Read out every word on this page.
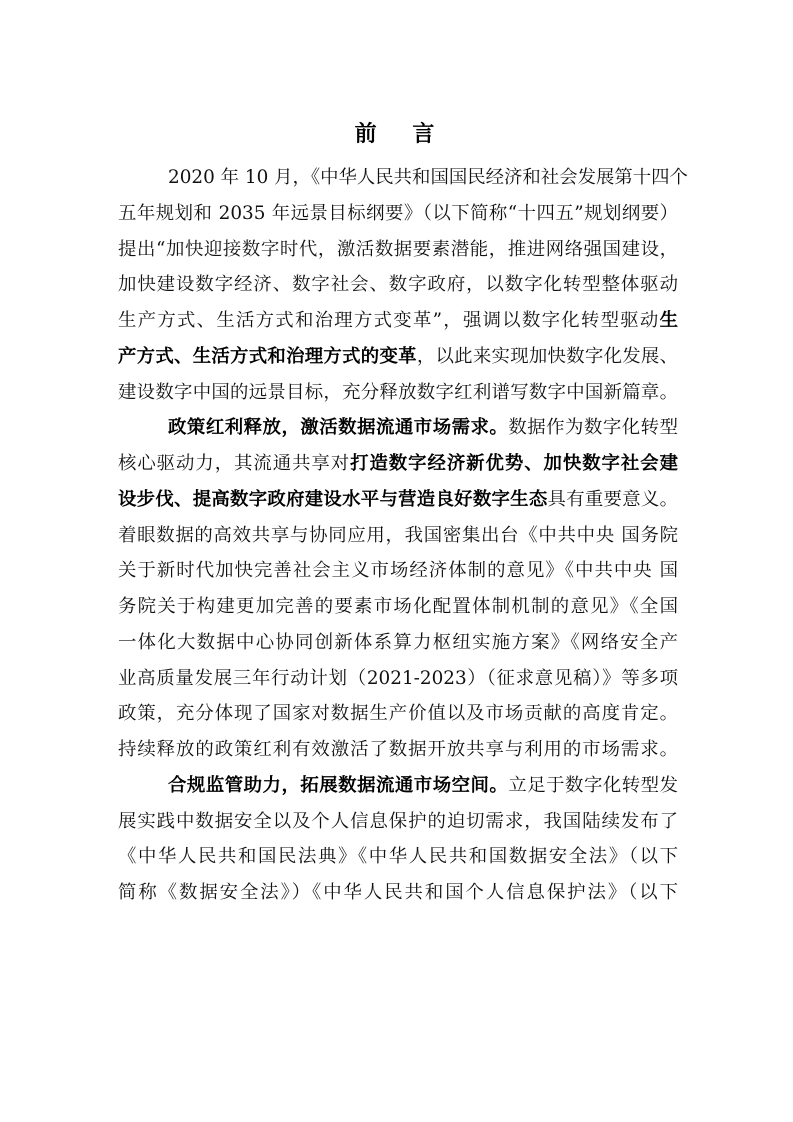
前 言
2020 年 10 月，《中华人民共和国国民经济和社会发展第十四个
五年规划和 2035 年远景目标纲要》（以下简称“十四五”规划纲要）
提出“加快迎接数字时代，激活数据要素潜能，推进网络强国建设，
加快建设数字经济、数字社会、数字政府，以数字化转型整体驱动
生产方式、生活方式和治理方式变革”，强调以数字化转型驱动生
产方式、生活方式和治理方式的变革，以此来实现加快数字化发展、
建设数字中国的远景目标，充分释放数字红利谱写数字中国新篇章。
政策红利释放，激活数据流通市场需求。数据作为数字化转型
核心驱动力，其流通共享对打造数字经济新优势、加快数字社会建
设步伐、提高数字政府建设水平与营造良好数字生态具有重要意义。
着眼数据的高效共享与协同应用，我国密集出台《中共中央 国务院
关于新时代加快完善社会主义市场经济体制的意见》《中共中央 国
务院关于构建更加完善的要素市场化配置体制机制的意见》《全国
一体化大数据中心协同创新体系算力枢纽实施方案》《网络安全产
业高质量发展三年行动计划（2021-2023）（征求意见稿）》等多项
政策，充分体现了国家对数据生产价值以及市场贡献的高度肯定。
持续释放的政策红利有效激活了数据开放共享与利用的市场需求。
合规监管助力，拓展数据流通市场空间。立足于数字化转型发
展实践中数据安全以及个人信息保护的迫切需求，我国陆续发布了
《中华人民共和国民法典》《中华人民共和国数据安全法》（以下
简称《数据安全法》）《中华人民共和国个人信息保护法》（以下
